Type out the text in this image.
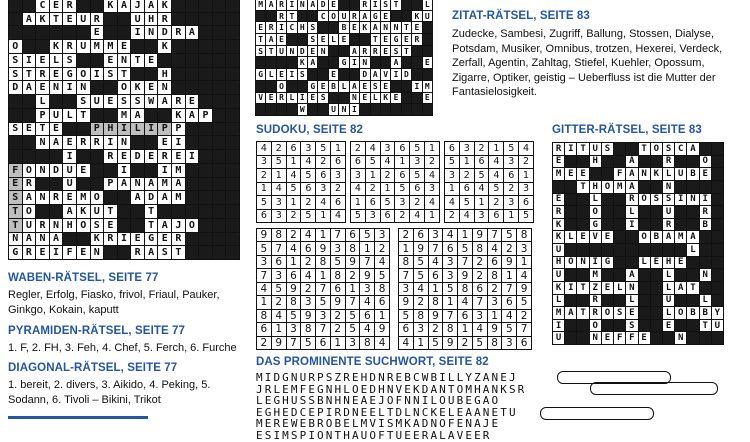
C E R	K A J A K
A K T E U R	U H R
E	I N D R A
O	K R U M M E	K
S I E L S	E N T E
S T R E G O I S T	H
D A E N I N	O K E N
L	S U E S S W A R E
P U L T	M A	K A P
S E T E	P H I L I P P
N A E R R I N	E I
I	R E D E R E I
F O N D U E	I	I M
E R	U	P A N A M A
S A N R E M O	A D A M
T O	A K U T	T
T U R N H O S E	T A J O
N A N A	K R I E G E R
G R E I F E N	R A S T
M A R I N A D E	R I S T	L
R T	C O U R A G E	K U
E R I C H S	B E K A N N T E
T A E	S E L E	T E G E R
S T U N D E N	A R R E S T
K A	G I N	A	E
G L E I S	E	D A V I D
O	G E B L A E S E	I M
V E R L I E S	N E L K E	E
W	U N I
ZITAT-RÄTSEL, SEITE 83
Zudecke, Sambesi, Zugriff, Ballung, Stossen, Dialyse, Potsdam, Musiker, Omnibus, trotzen, Hexerei, Verdeck, Zerfall, Agentin, Zahltag, Stiefel, Kuehler, Opossum, Zigarre, Optiker, geistig – Ueberfluss ist die Mutter der Fantasielosigkeit.
SUDOKU, SEITE 82
4 2 6 3 5 1
3 5 1 4 2 6
2 1 4 5 6 3
1 4 5 6 3 2
5 3 1 2 4 6
6 3 2 5 1 4
2 4 3 6 5 1
6 5 4 1 3 2
3 1 2 6 5 4
4 2 1 5 6 3
1 6 5 3 2 4
5 3 6 2 4 1
6 3 2 1 5 4
5 1 6 4 3 2
3 2 5 4 6 1
1 6 4 5 2 3
4 5 1 2 3 6
2 4 3 6 1 5
9 8 2 4 1 7 6 5 3
5 7 4 6 9 3 8 1 2
3 6 1 2 8 5 9 7 4
7 3 6 4 1 8 2 9 5
4 5 9 2 7 6 1 3 8
1 2 8 3 5 9 7 4 6
8 4 5 9 3 2 5 6 1
6 1 3 8 7 2 5 4 9
2 9 7 5 6 1 3 8 4
2 6 3 4 1 9 7 5 8
1 9 7 6 5 8 4 2 3
8 5 4 3 7 2 6 9 1
7 5 6 3 9 2 8 1 4
3 4 1 5 8 6 2 7 9
9 2 8 1 4 7 3 6 5
5 8 9 7 6 3 1 4 2
6 3 2 8 1 4 9 5 7
4 1 5 9 2 5 8 3 6
GITTER-RÄTSEL, SEITE 83
R I T U S	T O S C A
E	H	A	R	O
M E E	F A N K L U B E
T H O M A	N
E	L	R O S S I N I
R	O	L	U	R
K	G	I	R	B
K L E V E	O B A M A
U	L
H O N I G	L E H E
U	M	A	L	N
K I T Z E L N	L A T
L	R	L	U	L
M A T R O S E	L O B B Y
I	O	S	E	T U
U	N E F F E	N
WABEN-RÄTSEL, SEITE 77
Regler, Erfolg, Fiasko, frivol, Friaul, Pauker, Ginkgo, Kokain, kaputt
PYRAMIDEN-RÄTSEL, SEITE 77
1. F, 2. FH, 3. Feh, 4. Chef, 5. Ferch, 6. Furche
DIAGONAL-RÄTSEL, SEITE 77
1. bereit, 2. divers, 3. Aikido, 4. Peking, 5. Sodann, 6. Tivoli – Bikini, Trikot
DAS PROMINENTE SUCHWORT, SEITE 82
MIDGNURPSZREHDNREBCWBILLYZANEJ
JRLEMFEGNHLOEDHNVEKDANTOMHANKSR
LEGHUSSBNHNEAEJOFNNILOUBEGAO
EGHEDCEPIRDNEELTDLNCKELEAANETU
MEREWEBROBELMVISMKADNOFENAJE
ESIMSPIONTHAUOFTUEERALAVEER
